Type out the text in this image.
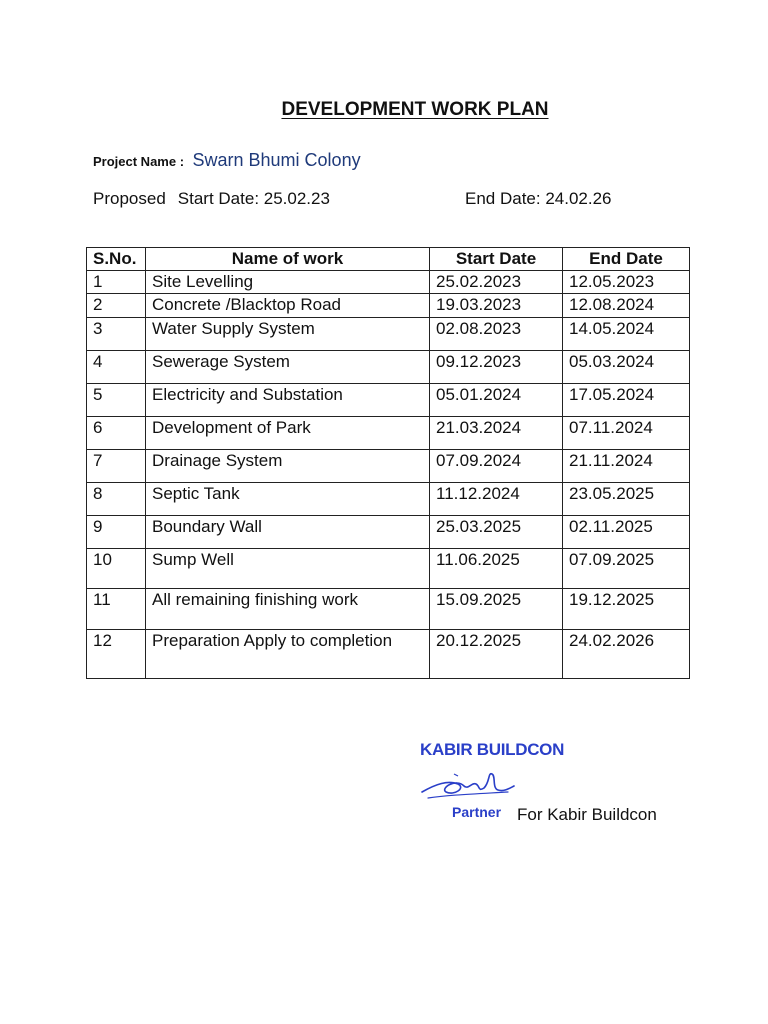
DEVELOPMENT WORK PLAN
Project Name : Swarn Bhumi Colony
Proposed Start Date: 25.02.23	End Date: 24.02.26
S.No.	Name of work	Start Date	End Date
1	Site Levelling	25.02.2023	12.05.2023
2	Concrete /Blacktop Road	19.03.2023	12.08.2024
3	Water Supply System	02.08.2023	14.05.2024
4	Sewerage System	09.12.2023	05.03.2024
5	Electricity and Substation	05.01.2024	17.05.2024
6	Development of Park	21.03.2024	07.11.2024
7	Drainage System	07.09.2024	21.11.2024
8	Septic Tank	11.12.2024	23.05.2025
9	Boundary Wall	25.03.2025	02.11.2025
10	Sump Well	11.06.2025	07.09.2025
11	All remaining finishing work	15.09.2025	19.12.2025
12	Preparation Apply to completion	20.12.2025	24.02.2026
KABIR BUILDCON
Partner For Kabir Buildcon
